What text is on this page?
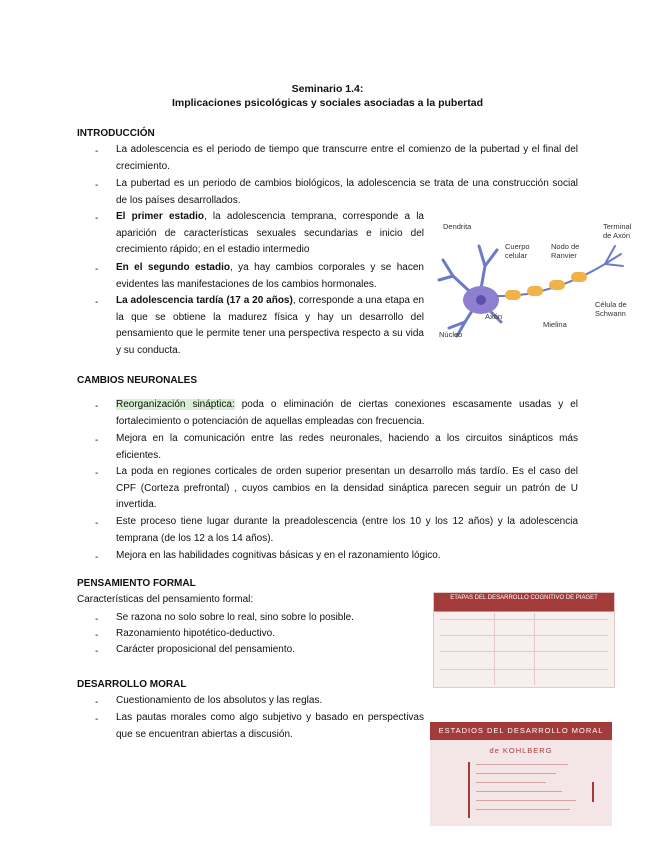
Seminario 1.4:
Implicaciones psicológicas y sociales asociadas a la pubertad
INTRODUCCIÓN
- La adolescencia es el periodo de tiempo que transcurre entre el comienzo de la pubertad y el final del crecimiento.
- La pubertad es un periodo de cambios biológicos, la adolescencia se trata de una construcción social de los países desarrollados.
- El primer estadio, la adolescencia temprana, corresponde a la aparición de características sexuales secundarias e inicio del crecimiento rápido; en el estadio intermedio
- En el segundo estadio, ya hay cambios corporales y se hacen evidentes las manifestaciones de los cambios hormonales.
- La adolescencia tardía (17 a 20 años), corresponde a una etapa en la que se obtiene la madurez física y hay un desarrollo del pensamiento que le permite tener una perspectiva respecto a su vida y su conducta.
Dendrita
Cuerpo celular
Nodo de Ranvier
Terminal de Axón
Axón
Mielina
Célula de Schwann
Núcleo
CAMBIOS NEURONALES
- Reorganización sináptica: poda o eliminación de ciertas conexiones escasamente usadas y el fortalecimiento o potenciación de aquellas empleadas con frecuencia.
- Mejora en la comunicación entre las redes neuronales, haciendo a los circuitos sinápticos más eficientes.
- La poda en regiones corticales de orden superior presentan un desarrollo más tardío. Es el caso del CPF (Corteza prefrontal) , cuyos cambios en la densidad sináptica parecen seguir un patrón de U invertida.
- Este proceso tiene lugar durante la preadolescencia (entre los 10 y los 12 años) y la adolescencia temprana (de los 12 a los 14 años).
- Mejora en las habilidades cognitivas básicas y en el razonamiento lógico.
PENSAMIENTO FORMAL
Características del pensamiento formal:
- Se razona no solo sobre lo real, sino sobre lo posible.
- Razonamiento hipotético-deductivo.
- Carácter proposicional del pensamiento.
ETAPAS DEL DESARROLLO COGNITIVO DE PIAGET
DESARROLLO MORAL
- Cuestionamiento de los absolutos y las reglas.
- Las pautas morales como algo subjetivo y basado en perspectivas que se encuentran abiertas a discusión.	ESTADIOS DEL DESARROLLO MORAL
de KOHLBERG
